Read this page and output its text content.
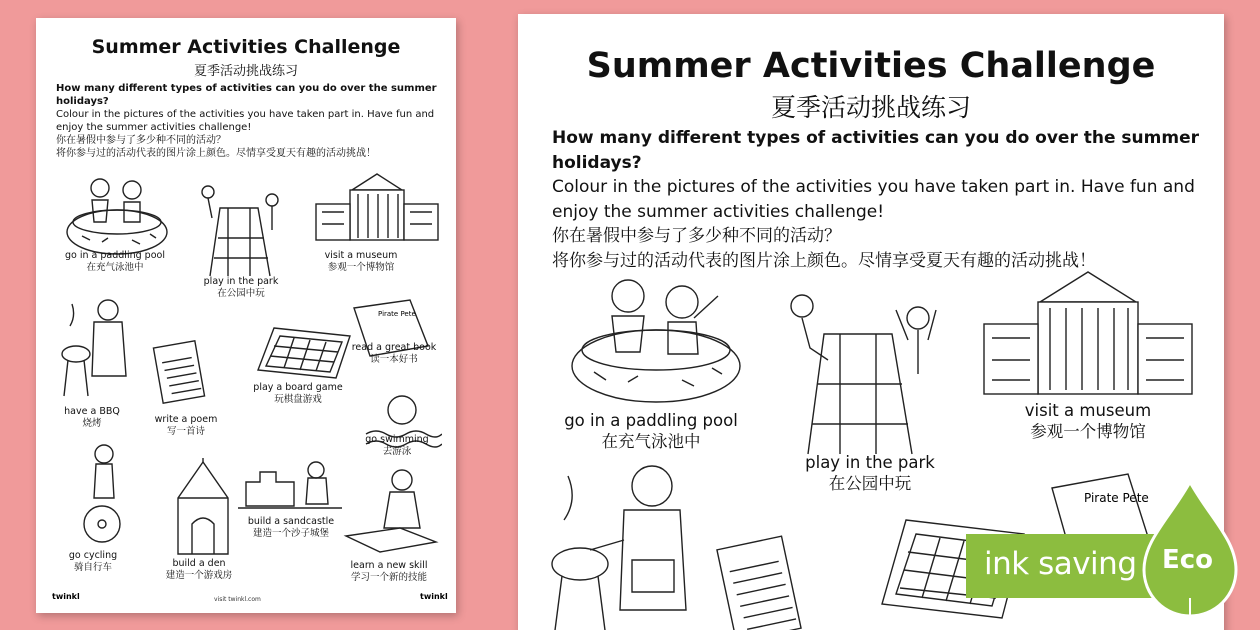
Summer Activities Challenge
夏季活动挑战练习
How many different types of activities can you do over the summer holidays?
Colour in the pictures of the activities you have taken part in. Have fun and enjoy the summer activities challenge!
你在暑假中参与了多少种不同的活动？
将你参与过的活动代表的图片涂上颜色。尽情享受夏天有趣的活动挑战！
Pirate Pete
go in a paddling pool
在充气泳池中
play in the park
在公园中玩
visit a museum
参观一个博物馆
have a BBQ
烧烤	write a poem
写一首诗
play a board game
玩棋盘游戏
read a great book
读一本好书
go swimming
去游泳
go cycling
骑自行车	build a den
建造一个游戏房
build a sandcastle
建造一个沙子城堡
learn a new skill
学习一个新的技能
twinkl	visit twinkl.com	twinkl
Summer Activities Challenge
夏季活动挑战练习
How many different types of activities can you do over the summer holidays?
Colour in the pictures of the activities you have taken part in. Have fun and enjoy the summer activities challenge!
你在暑假中参与了多少种不同的活动？
将你参与过的活动代表的图片涂上颜色。尽情享受夏天有趣的活动挑战！
Pirate Pete
go in a paddling pool
在充气泳池中
play in the park
在公园中玩
visit a museum
参观一个博物馆
ink saving Eco
